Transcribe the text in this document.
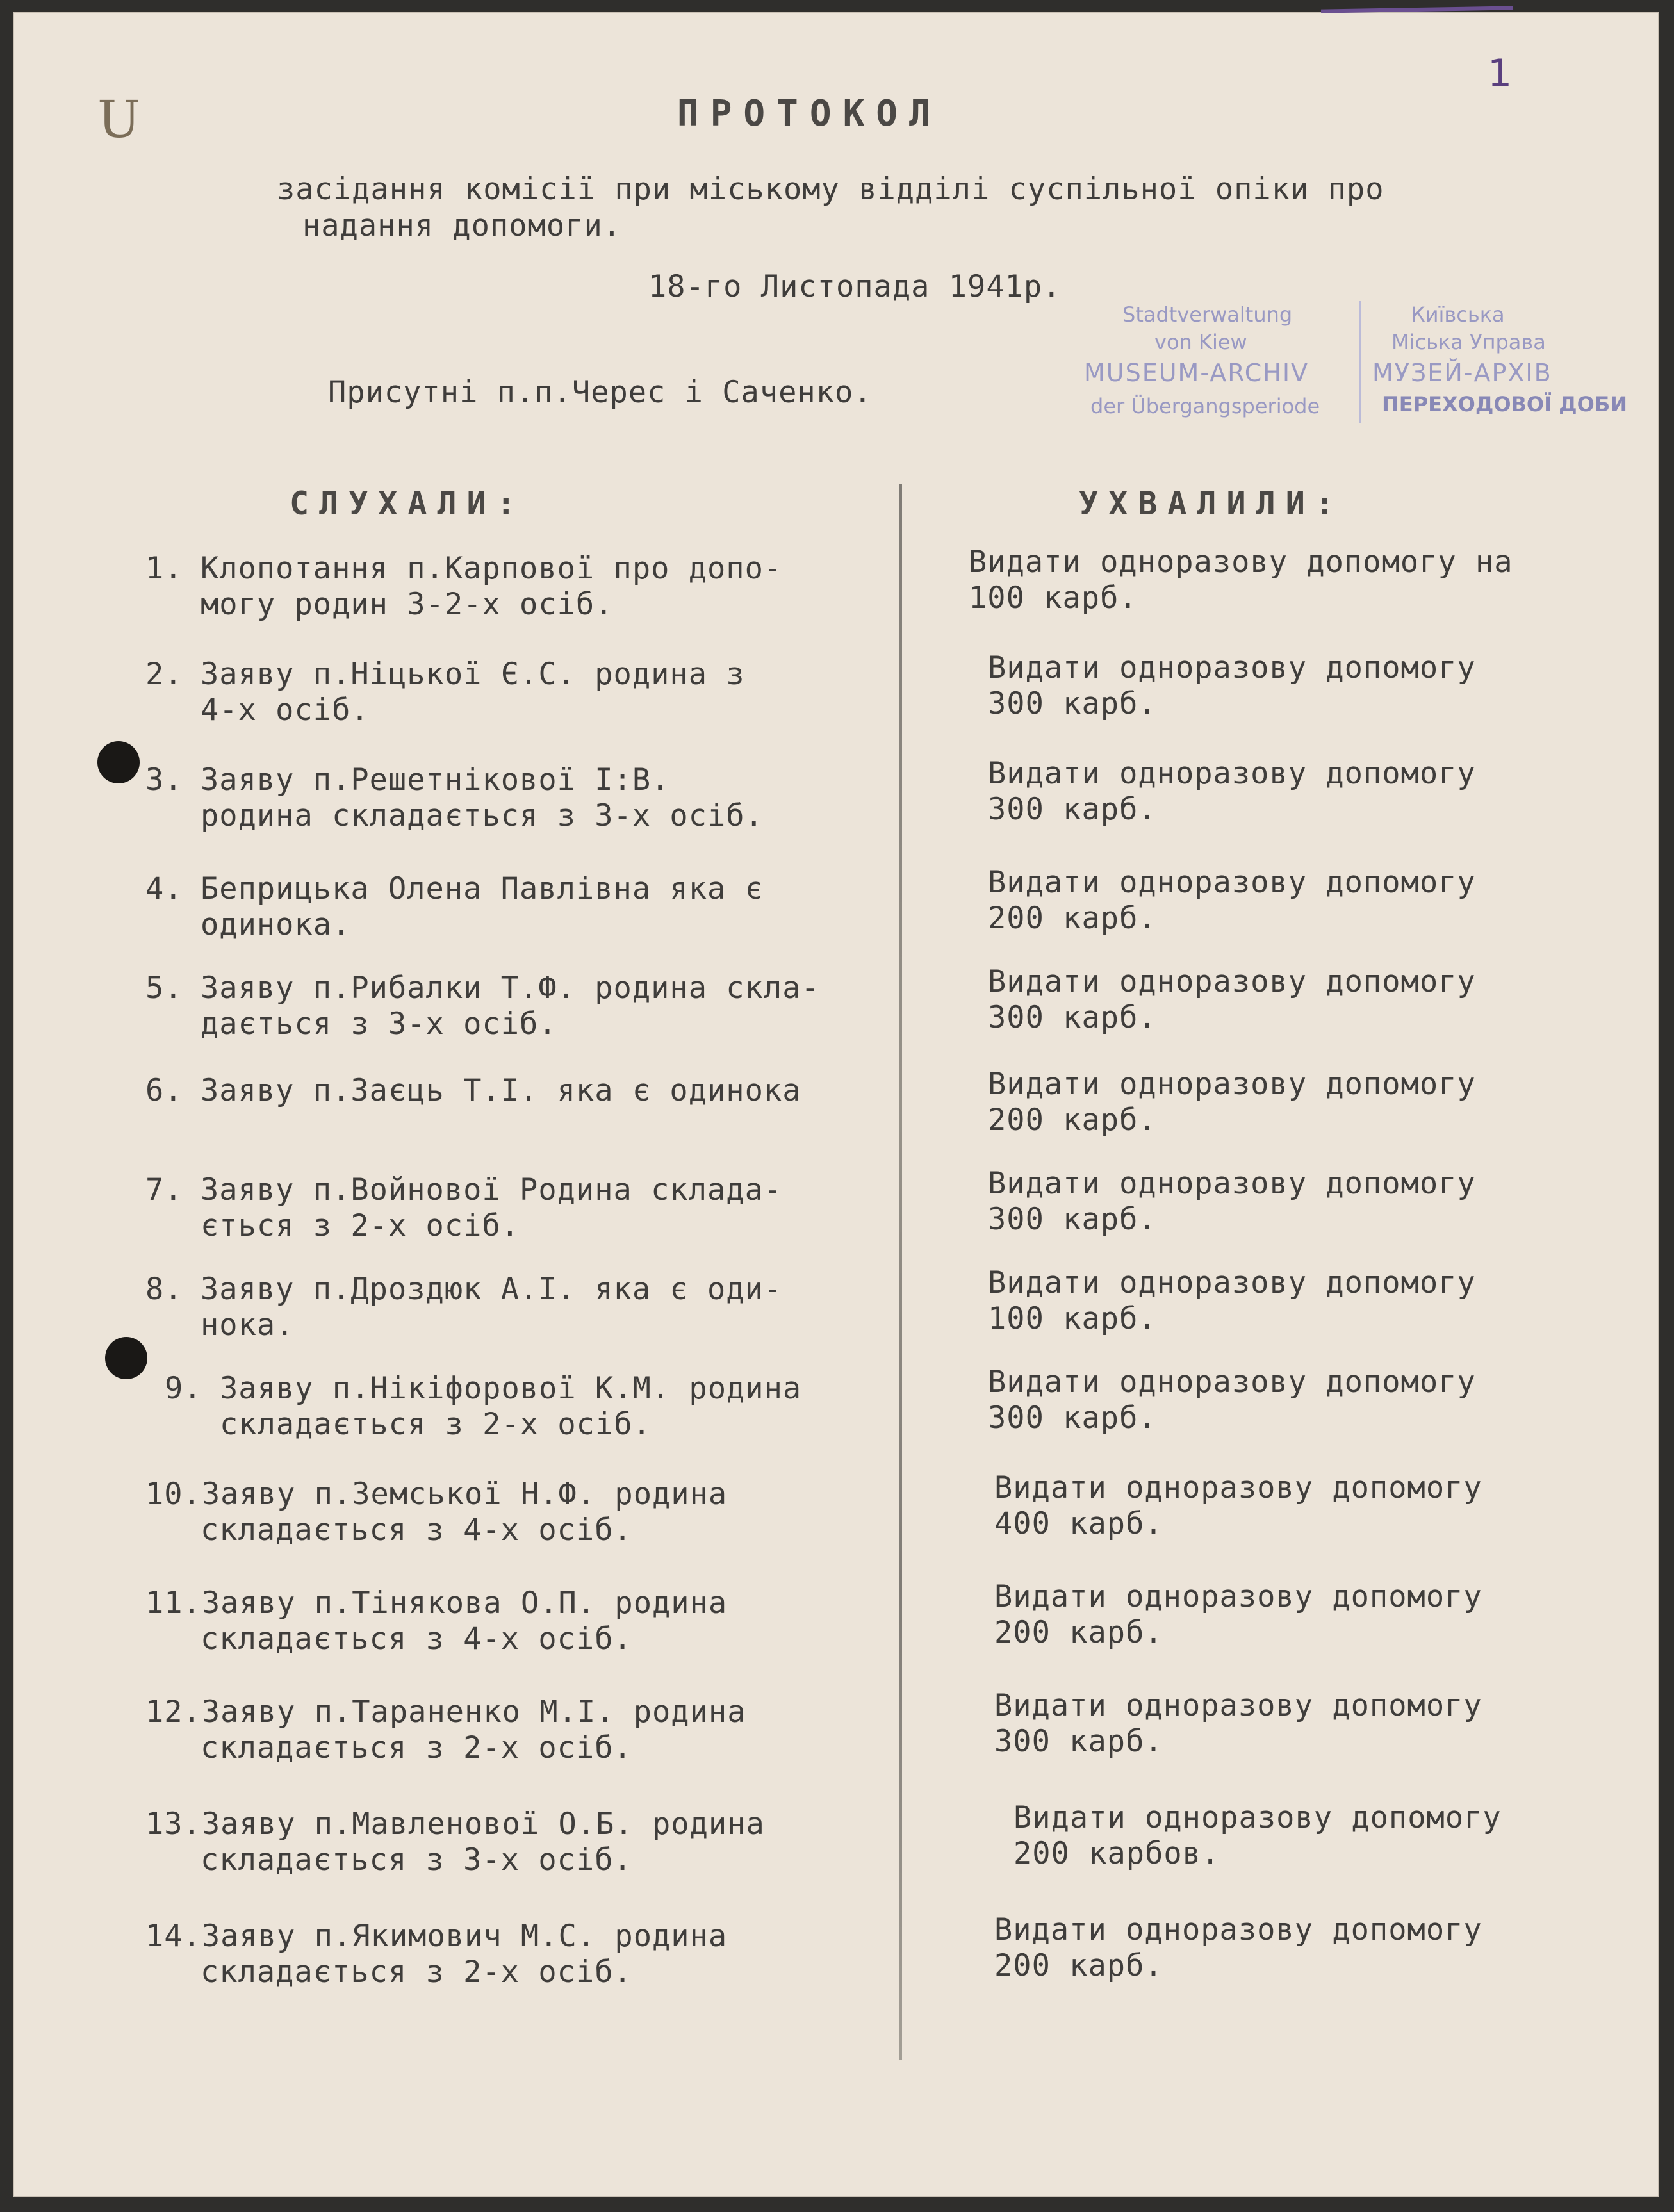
U
1
ПРОТОКОЛ
засідання комісії при міському відділі суспільної опіки про
надання допомоги.
18-го Листопада 1941р.
Присутні п.п.Черес і Саченко.
Stadtverwaltung
von Kiew
MUSEUM-ARCHIV
der Übergangsperiode
Київська
Міська Управа
МУЗЕЙ-АРХІВ
ПЕРЕХОДОВОЇ ДОБИ
СЛУХАЛИ:	УХВАЛИЛИ:
1. Клопотання п.Карпової про допо-
могу родин 3-2-х осіб.
Видати одноразову допомогу на
100 карб.
2. Заяву п.Ніцької Є.С. родина з
4-х осіб.
Видати одноразову допомогу
300 карб.
3. Заяву п.Решетнікової І:В.
родина складається з 3-х осіб.
Видати одноразову допомогу
300 карб.
4. Беприцька Олена Павлівна яка є
одинока.
Видати одноразову допомогу
200 карб.
5. Заяву п.Рибалки Т.Ф. родина скла-
дається з 3-х осіб.
Видати одноразову допомогу
300 карб.
6. Заяву п.Заєць Т.І. яка є одинока	Видати одноразову допомогу
200 карб.
7. Заяву п.Войнової Родина склада-
ється з 2-х осіб.
Видати одноразову допомогу
300 карб.
8. Заяву п.Дроздюк А.І. яка є оди-
нока.
Видати одноразову допомогу
100 карб.
9. Заяву п.Нікіфорової К.М. родина
складається з 2-х осіб.
Видати одноразову допомогу
300 карб.
10.Заяву п.Земської Н.Ф. родина
складається з 4-х осіб.
Видати одноразову допомогу
400 карб.
11.Заяву п.Тінякова О.П. родина
складається з 4-х осіб.
Видати одноразову допомогу
200 карб.
12.Заяву п.Тараненко М.І. родина
складається з 2-х осіб.
Видати одноразову допомогу
300 карб.
13.Заяву п.Мавленової О.Б. родина
складається з 3-х осіб.
Видати одноразову допомогу
200 карбов.
14.Заяву п.Якимович М.С. родина
складається з 2-х осіб.
Видати одноразову допомогу
200 карб.
